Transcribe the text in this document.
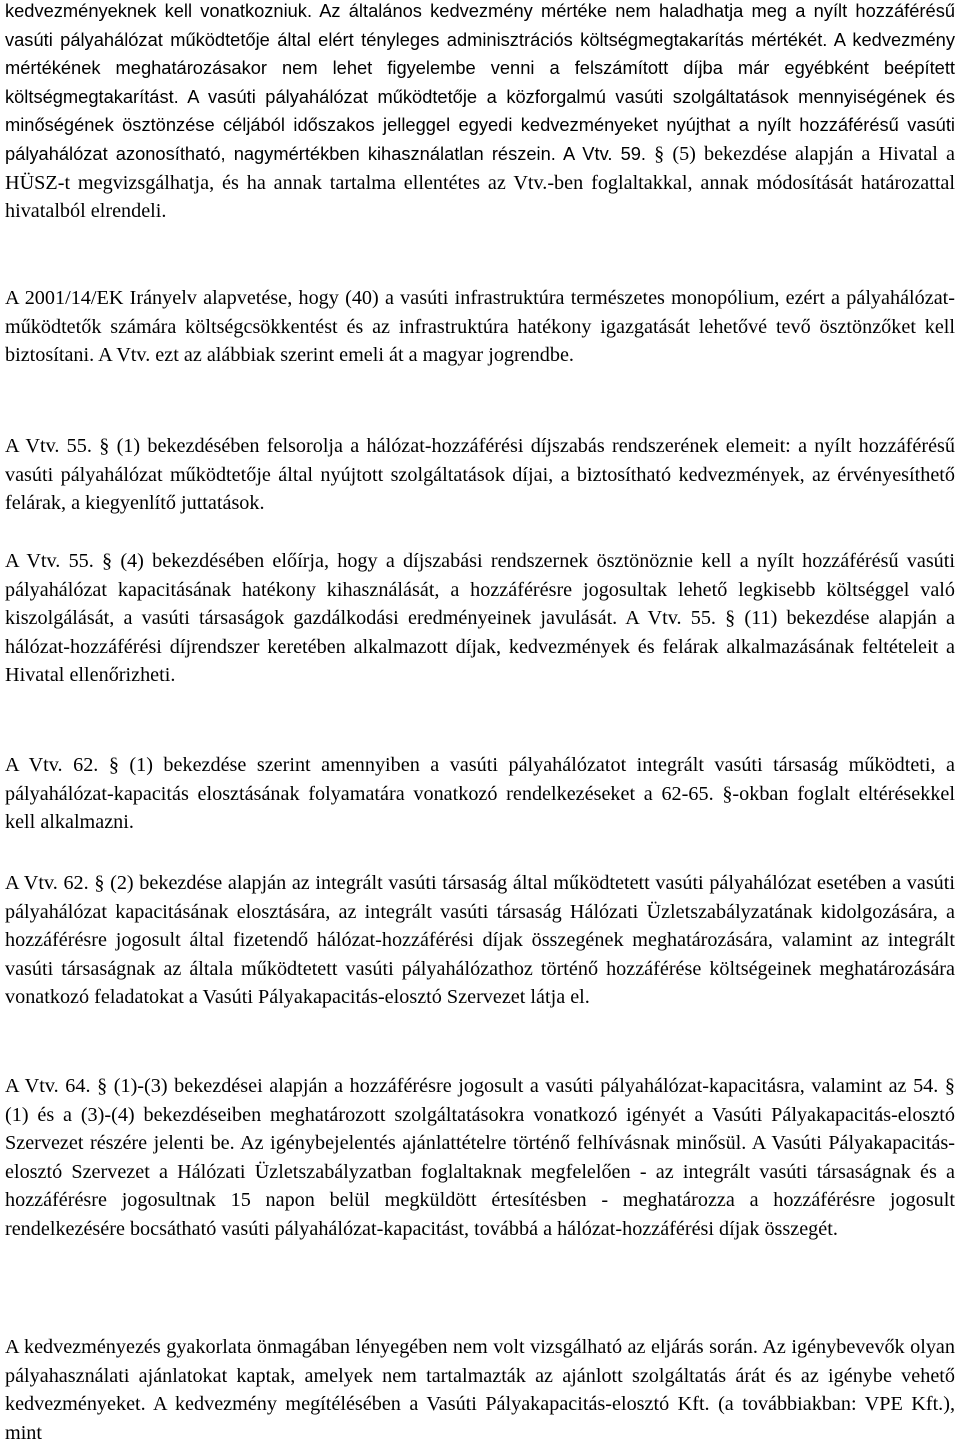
kedvezményeknek kell vonatkozniuk. Az általános kedvezmény mértéke nem haladhatja meg a nyílt hozzáférésű vasúti pályahálózat működtetője által elért tényleges adminisztrációs költségmegtakarítás mértékét. A kedvezmény mértékének meghatározásakor nem lehet figyelembe venni a felszámított díjba már egyébként beépített költségmegtakarítást. A vasúti pályahálózat működtetője a közforgalmú vasúti szolgáltatások mennyiségének és minőségének ösztönzése céljából időszakos jelleggel egyedi kedvezményeket nyújthat a nyílt hozzáférésű vasúti pályahálózat azonosítható, nagymértékben kihasználatlan részein. A Vtv. 59. § (5) bekezdése alapján a Hivatal a HÜSZ-t megvizsgálhatja, és ha annak tartalma ellentétes az Vtv.-ben foglaltakkal, annak módosítását határozattal hivatalból elrendeli.

A 2001/14/EK Irányelv alapvetése, hogy (40) a vasúti infrastruktúra természetes monopólium, ezért a pályahálózat-működtetők számára költségcsökkentést és az infrastruktúra hatékony igazgatását lehetővé tevő ösztönzőket kell biztosítani. A Vtv. ezt az alábbiak szerint emeli át a magyar jogrendbe.

A Vtv. 55. § (1) bekezdésében felsorolja a hálózat-hozzáférési díjszabás rendszerének elemeit: a nyílt hozzáférésű vasúti pályahálózat működtetője által nyújtott szolgáltatások díjai, a biztosítható kedvezmények, az érvényesíthető felárak, a kiegyenlítő juttatások.

A Vtv. 55. § (4) bekezdésében előírja, hogy a díjszabási rendszernek ösztönöznie kell a nyílt hozzáférésű vasúti pályahálózat kapacitásának hatékony kihasználását, a hozzáférésre jogosultak lehető legkisebb költséggel való kiszolgálását, a vasúti társaságok gazdálkodási eredményeinek javulását. A Vtv. 55. § (11) bekezdése alapján a hálózat-hozzáférési díjrendszer keretében alkalmazott díjak, kedvezmények és felárak alkalmazásának feltételeit a Hivatal ellenőrizheti.

A Vtv. 62. § (1) bekezdése szerint amennyiben a vasúti pályahálózatot integrált vasúti társaság működteti, a pályahálózat-kapacitás elosztásának folyamatára vonatkozó rendelkezéseket a 62-65. §-okban foglalt eltérésekkel kell alkalmazni.

A Vtv. 62. § (2) bekezdése alapján az integrált vasúti társaság által működtetett vasúti pályahálózat esetében a vasúti pályahálózat kapacitásának elosztására, az integrált vasúti társaság Hálózati Üzletszabályzatának kidolgozására, a hozzáférésre jogosult által fizetendő hálózat-hozzáférési díjak összegének meghatározására, valamint az integrált vasúti társaságnak az általa működtetett vasúti pályahálózathoz történő hozzáférése költségeinek meghatározására vonatkozó feladatokat a Vasúti Pályakapacitás-elosztó Szervezet látja el.

A Vtv. 64. § (1)-(3) bekezdései alapján a hozzáférésre jogosult a vasúti pályahálózat-kapacitásra, valamint az 54. § (1) és a (3)-(4) bekezdéseiben meghatározott szolgáltatásokra vonatkozó igényét a Vasúti Pályakapacitás-elosztó Szervezet részére jelenti be. Az igénybejelentés ajánlattételre történő felhívásnak minősül. A Vasúti Pályakapacitás-elosztó Szervezet a Hálózati Üzletszabályzatban foglaltaknak megfelelően - az integrált vasúti társaságnak és a hozzáférésre jogosultnak 15 napon belül megküldött értesítésben - meghatározza a hozzáférésre jogosult rendelkezésére bocsátható vasúti pályahálózat-kapacitást, továbbá a hálózat-hozzáférési díjak összegét.

A kedvezményezés gyakorlata önmagában lényegében nem volt vizsgálható az eljárás során. Az igénybevevők olyan pályahasználati ajánlatokat kaptak, amelyek nem tartalmazták az ajánlott szolgáltatás árát és az igénybe vehető kedvezményeket. A kedvezmény megítélésében a Vasúti Pályakapacitás-elosztó Kft. (a továbbiakban: VPE Kft.), mint
